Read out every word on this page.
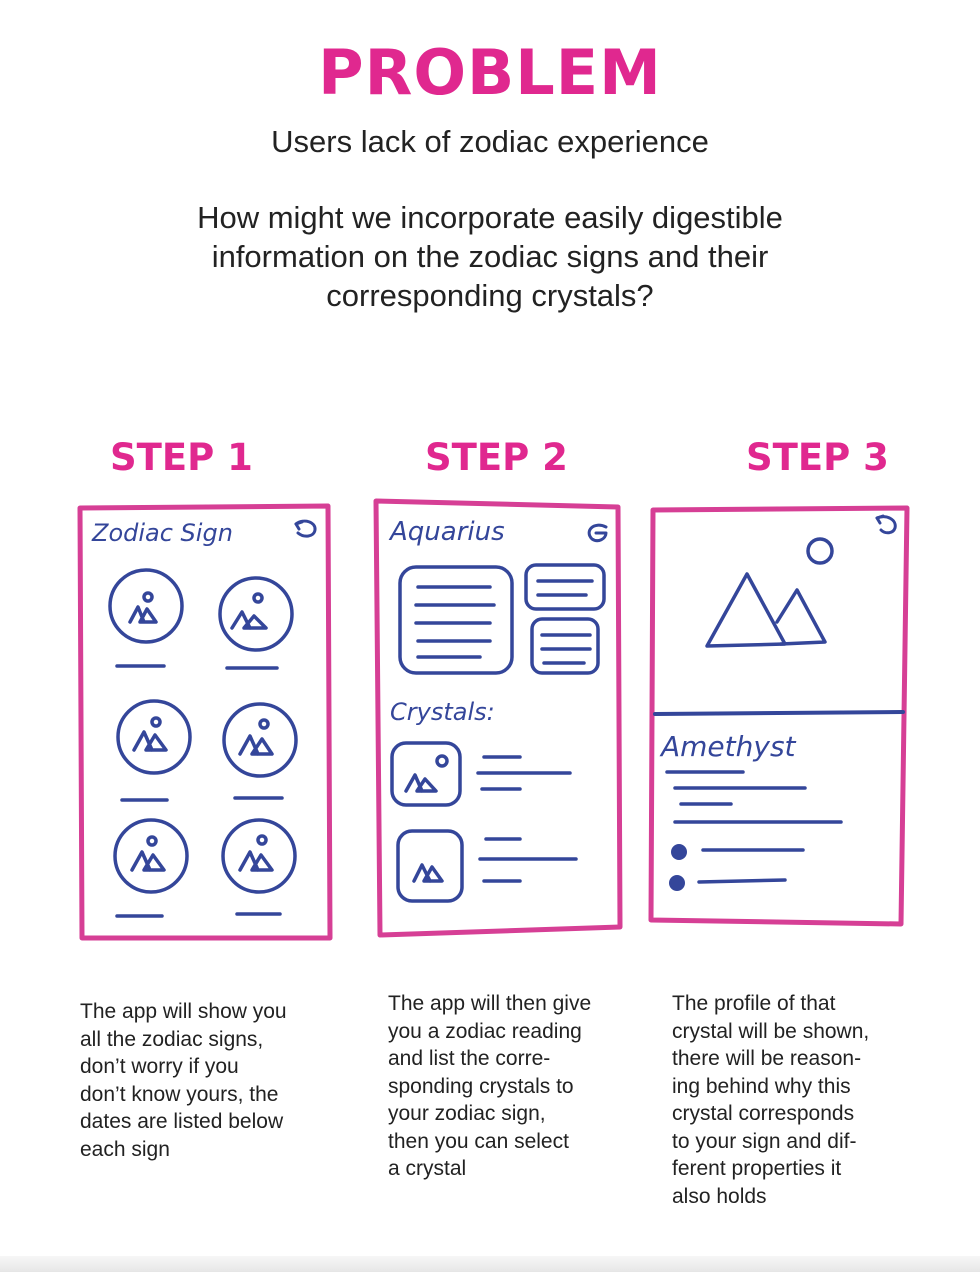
PROBLEM

Users lack of zodiac experience

How might we incorporate easily digestible information on the zodiac signs and their corresponding crystals?

STEP 1
Zodiac Sign

The app will show you
all the zodiac signs,
don’t worry if you
don’t know yours, the
dates are listed below
each sign

STEP 2
Aquarius
Crystals:

The app will then give
you a zodiac reading
and list the corre-
sponding crystals to
your zodiac sign,
then you can select
a crystal

STEP 3
Amethyst

The profile of that
crystal will be shown,
there will be reason-
ing behind why this
crystal corresponds
to your sign and dif-
ferent properties it
also holds
